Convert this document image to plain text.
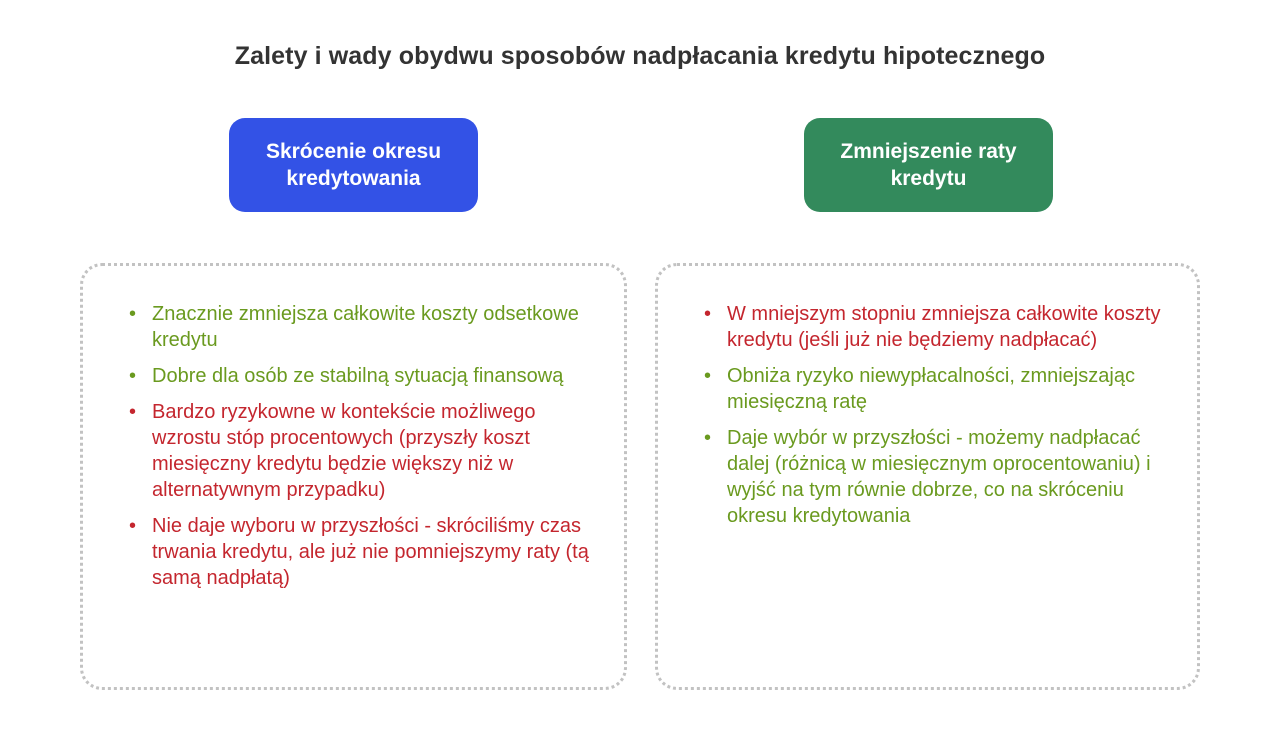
Zalety i wady obydwu sposobów nadpłacania kredytu hipotecznego
Skrócenie okresu kredytowania
Zmniejszenie raty kredytu
• Znacznie zmniejsza całkowite koszty odsetkowe kredytu
• Dobre dla osób ze stabilną sytuacją finansową
• Bardzo ryzykowne w kontekście możliwego wzrostu stóp procentowych (przyszły koszt miesięczny kredytu będzie większy niż w alternatywnym przypadku)
• Nie daje wyboru w przyszłości - skróciliśmy czas trwania kredytu, ale już nie pomniejszymy raty (tą samą nadpłatą)
• W mniejszym stopniu zmniejsza całkowite koszty kredytu (jeśli już nie będziemy nadpłacać)
• Obniża ryzyko niewypłacalności, zmniejszając miesięczną ratę
• Daje wybór w przyszłości - możemy nadpłacać dalej (różnicą w miesięcznym oprocentowaniu) i wyjść na tym równie dobrze, co na skróceniu okresu kredytowania
